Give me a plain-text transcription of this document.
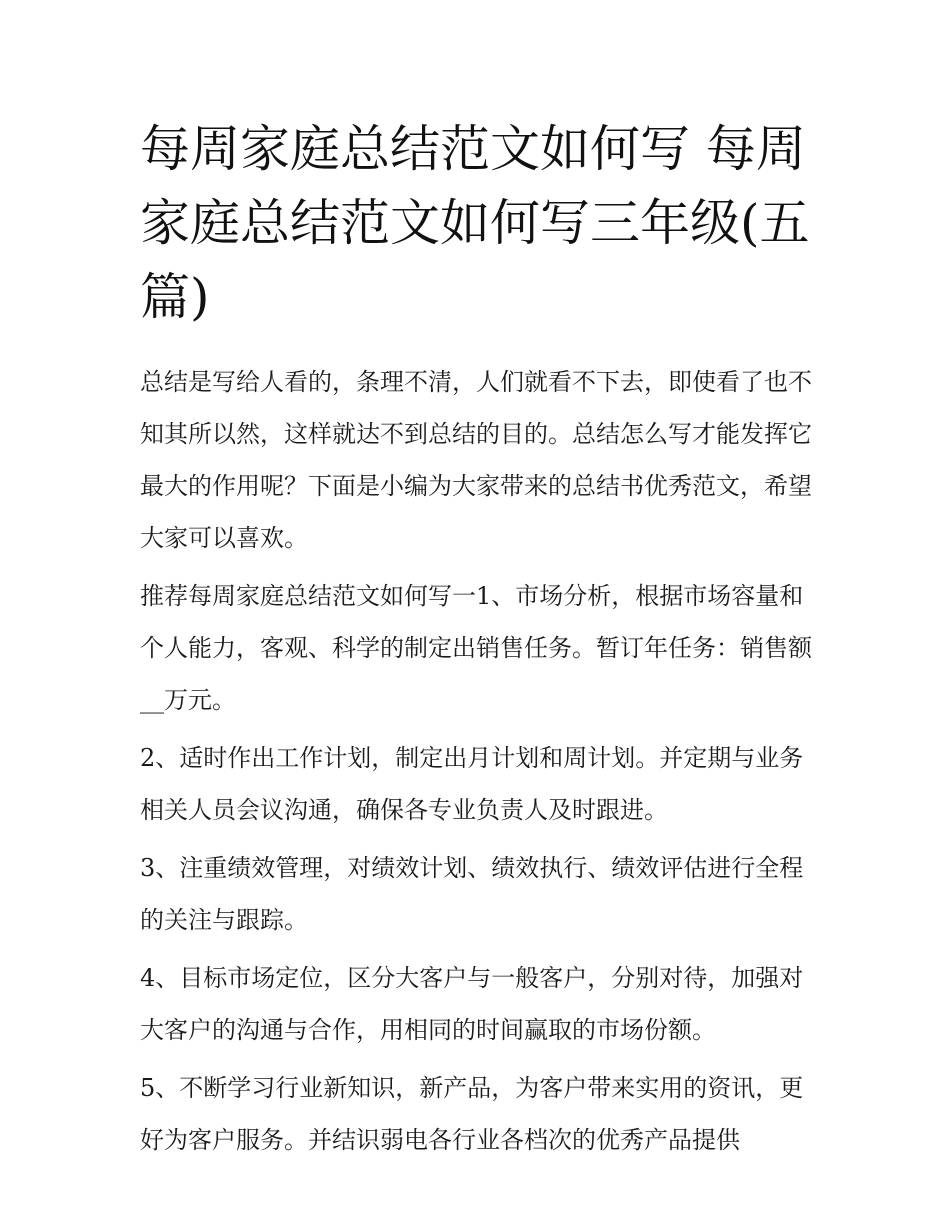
每周家庭总结范文如何写 每周家庭总结范文如何写三年级(五篇)

总结是写给人看的，条理不清，人们就看不下去，即使看了也不知其所以然，这样就达不到总结的目的。总结怎么写才能发挥它最大的作用呢？下面是小编为大家带来的总结书优秀范文，希望大家可以喜欢。

推荐每周家庭总结范文如何写一1、市场分析，根据市场容量和个人能力，客观、科学的制定出销售任务。暂订年任务：销售额__万元。

2、适时作出工作计划，制定出月计划和周计划。并定期与业务相关人员会议沟通，确保各专业负责人及时跟进。

3、注重绩效管理，对绩效计划、绩效执行、绩效评估进行全程的关注与跟踪。

4、目标市场定位，区分大客户与一般客户，分别对待，加强对大客户的沟通与合作，用相同的时间赢取的市场份额。

5、不断学习行业新知识，新产品，为客户带来实用的资讯，更好为客户服务。并结识弱电各行业各档次的优秀产品提供
